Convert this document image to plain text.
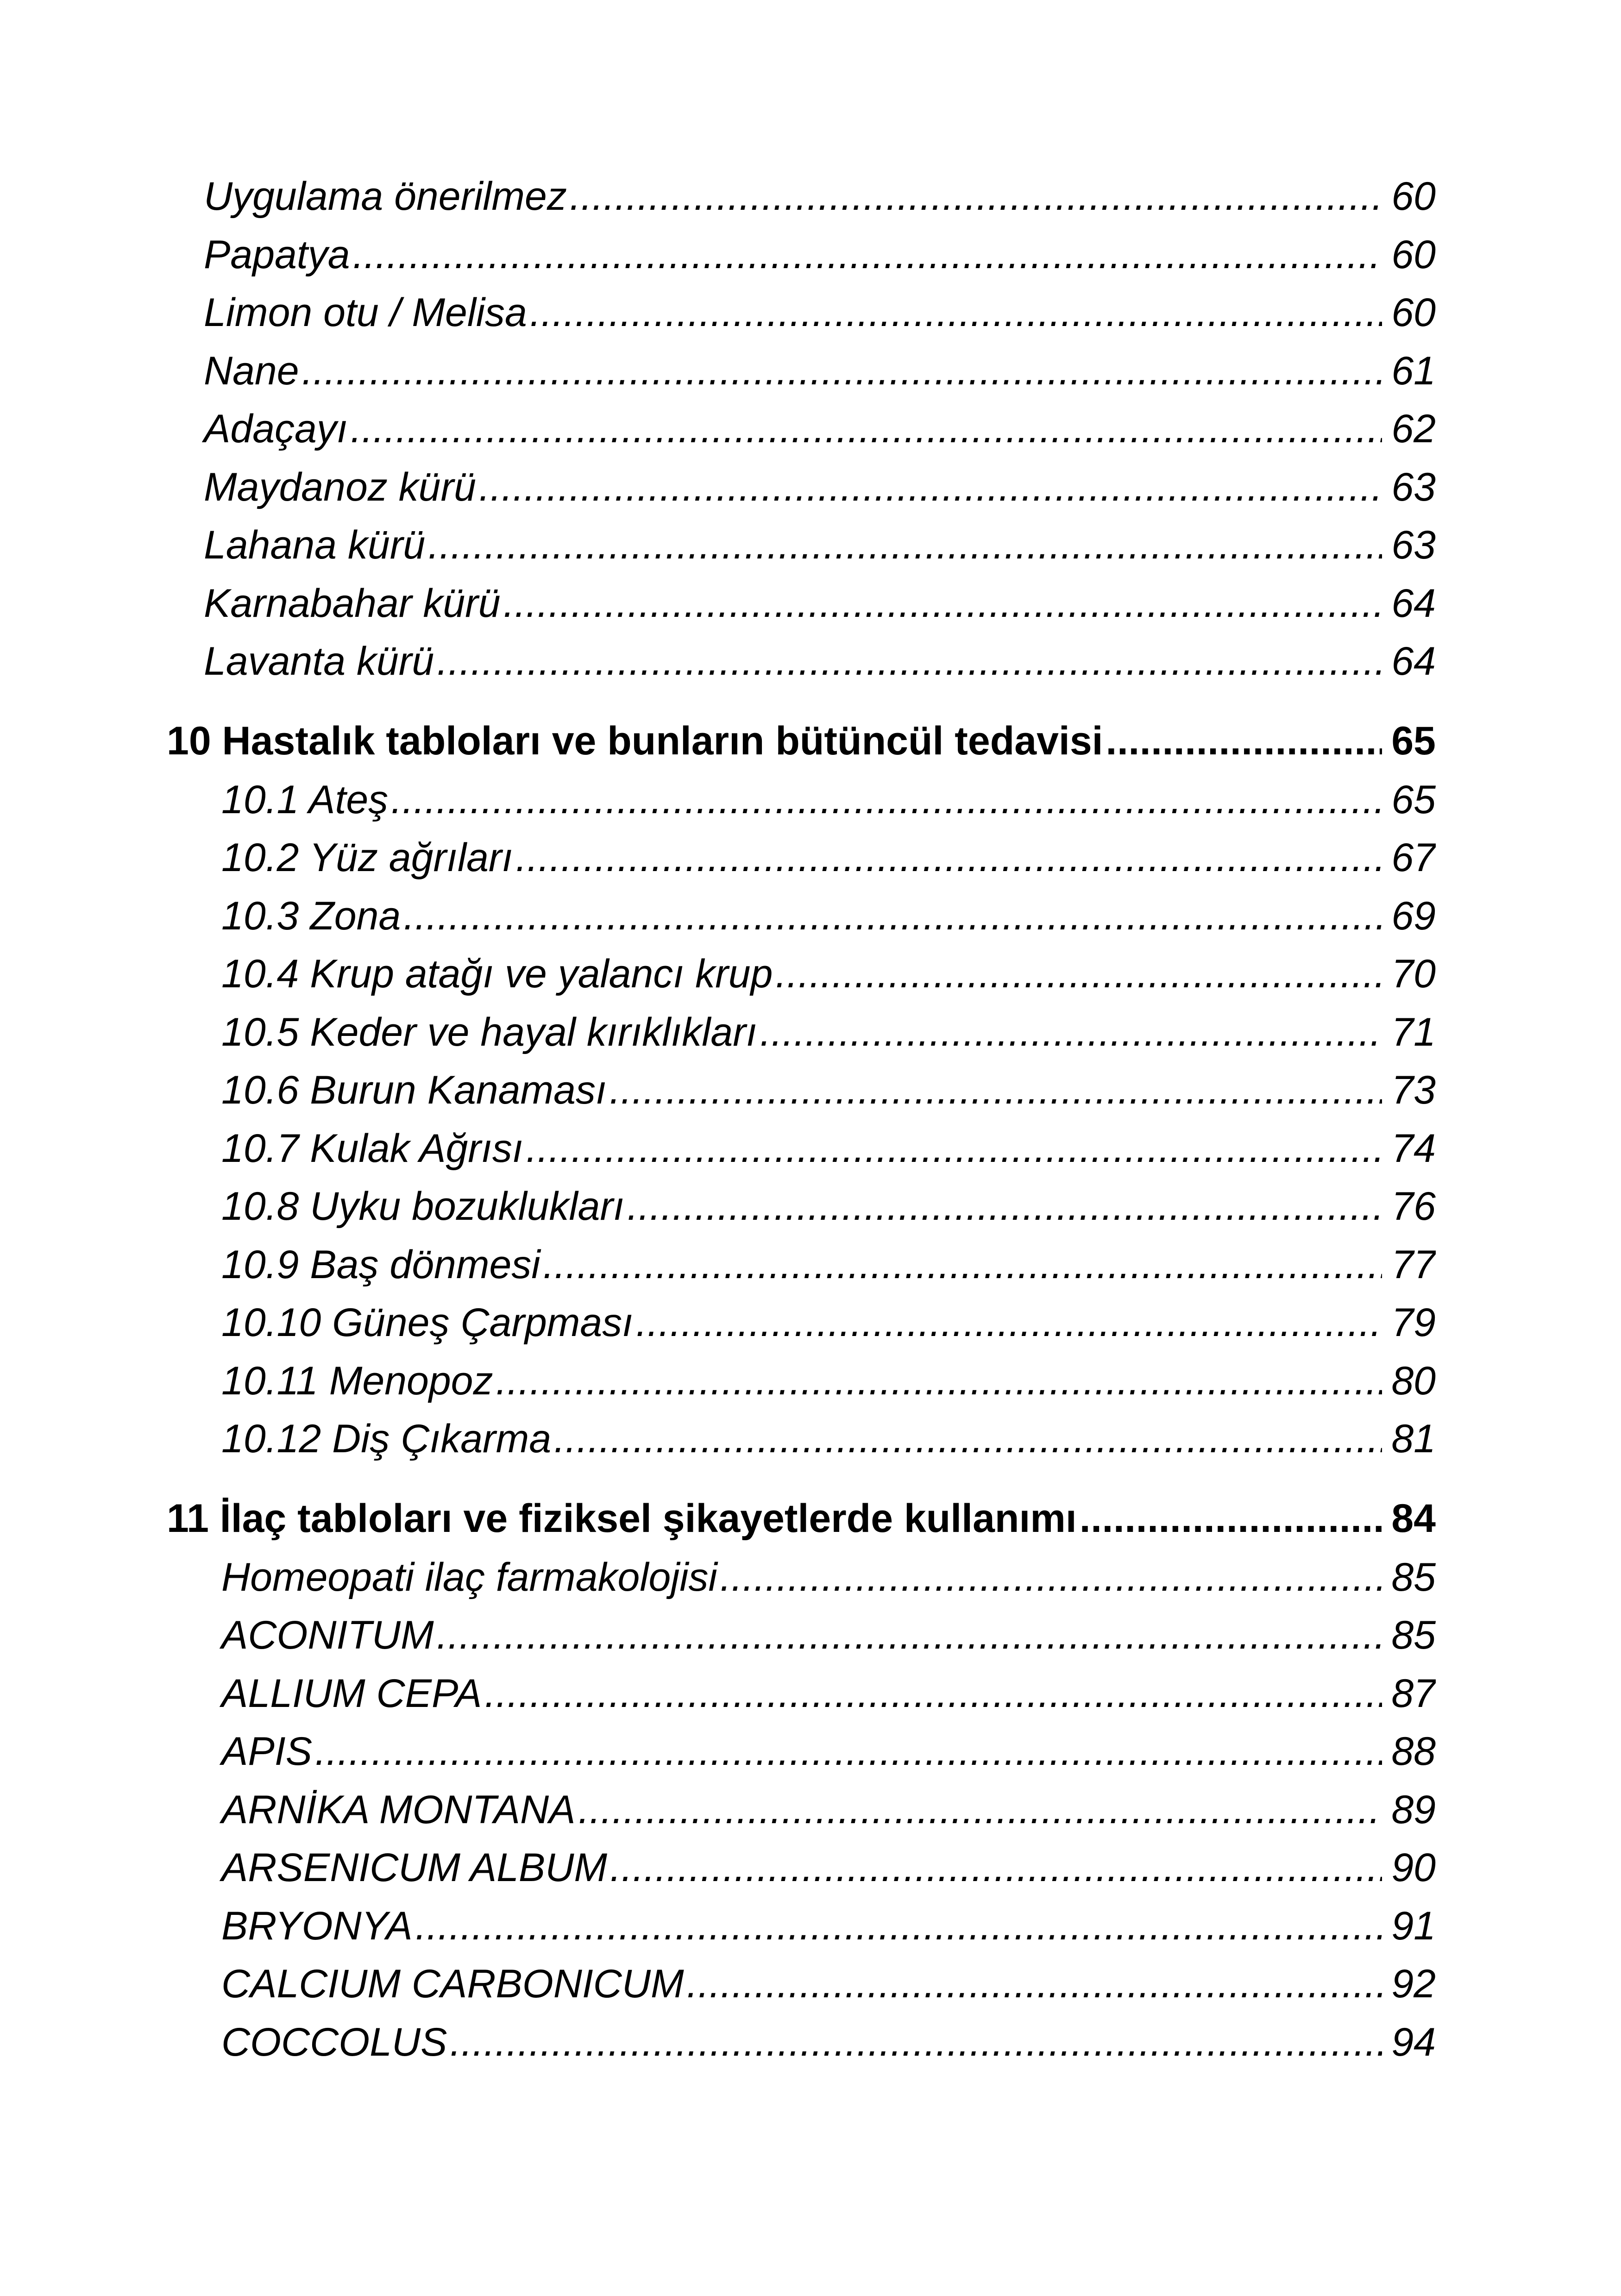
Uygulama önerilmez .....	60
Papatya .....	60
Limon otu / Melisa .....	60
Nane .....	61
Adaçayı .....	62
Maydanoz kürü .....	63
Lahana kürü .....	63
Karnabahar kürü .....	64
Lavanta kürü .....	64
10 Hastalık tabloları ve bunların bütüncül tedavisi .....	65
10.1 Ateş .....	65
10.2 Yüz ağrıları .....	67
10.3 Zona .....	69
10.4 Krup atağı ve yalancı krup .....	70
10.5 Keder ve hayal kırıklıkları .....	71
10.6 Burun Kanaması .....	73
10.7 Kulak Ağrısı .....	74
10.8 Uyku bozuklukları .....	76
10.9 Baş dönmesi .....	77
10.10 Güneş Çarpması .....	79
10.11 Menopoz .....	80
10.12 Diş Çıkarma .....	81
11 İlaç tabloları ve fiziksel şikayetlerde kullanımı .....	84
Homeopati ilaç farmakolojisi .....	85
ACONITUM .....	85
ALLIUM CEPA .....	87
APIS .....	88
ARNİKA MONTANA .....	89
ARSENICUM ALBUM .....	90
BRYONYA .....	91
CALCIUM CARBONICUM .....	92
COCCOLUS .....	94
